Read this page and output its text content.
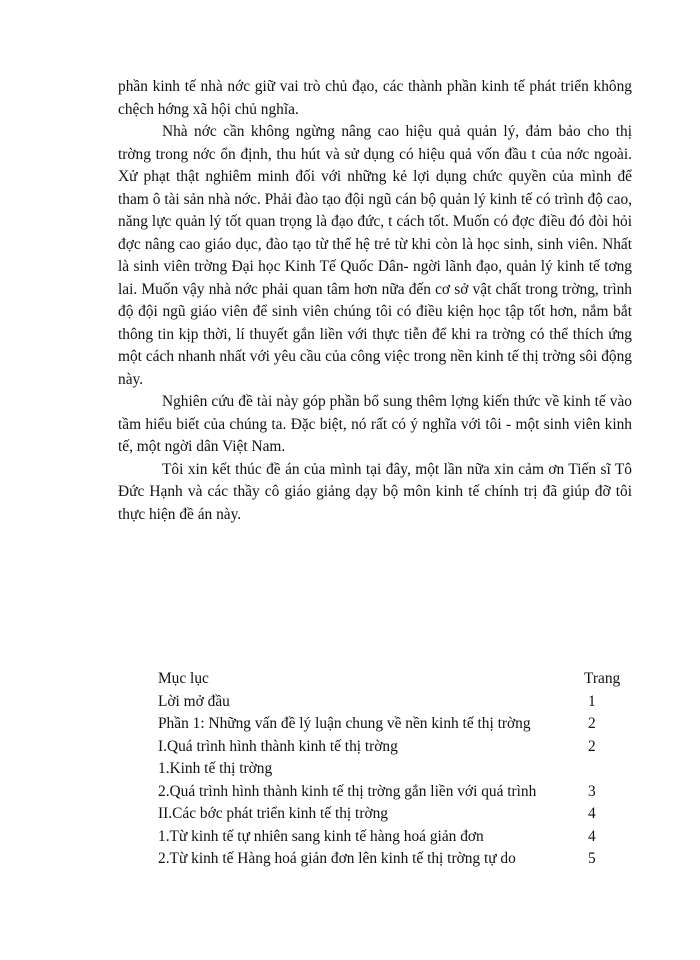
phần kinh tế nhà nớc giữ vai trò chủ đạo, các thành phần kinh tế phát triển không chệch hớng xã hội chủ nghĩa.

Nhà nớc cần không ngừng nâng cao hiệu quả quản lý, đảm bảo cho thị trờng trong nớc ổn định, thu hút và sử dụng có hiệu quả vốn đầu t của nớc ngoài. Xử phạt thật nghiêm minh đối với những kẻ lợi dụng chức quyền của mình để tham ô tài sản nhà nớc. Phải đào tạo đội ngũ cán bộ quản lý kinh tế có trình độ cao, năng lực quản lý tốt quan trọng là đạo đức, t cách tốt. Muốn có đợc điều đó đòi hỏi đợc nâng cao giáo dục, đào tạo từ thế hệ trẻ từ khi còn là học sinh, sinh viên. Nhất là sinh viên trờng Đại học Kinh Tế Quốc Dân- ngời lãnh đạo, quản lý kinh tế tơng lai. Muốn vậy nhà nớc phải quan tâm hơn nữa đến cơ sở vật chất trong trờng, trình độ đội ngũ giáo viên để sinh viên chúng tôi có điều kiện học tập tốt hơn, nắm bắt thông tin kịp thời, lí thuyết gắn liền với thực tiễn để khi ra trờng có thể thích ứng một cách nhanh nhất với yêu cầu của công việc trong nền kinh tế thị trờng sôi động này.

Nghiên cứu đề tài này góp phần bổ sung thêm lợng kiến thức về kinh tế vào tầm hiểu biết của chúng ta. Đặc biệt, nó rất có ý nghĩa với tôi - một sinh viên kinh tế, một ngời dân Việt Nam.

Tôi xin kết thúc đề án của mình tại đây, một lần nữa xin cảm ơn Tiến sĩ Tô Đức Hạnh và các thầy cô giáo giảng dạy bộ môn kinh tế chính trị đã giúp đỡ tôi thực hiện đề án này.

Mục lục	Trang
Lời mở đầu	1
Phần 1: Những vấn đề lý luận chung về nền kinh tế thị trờng	2
I.Quá trình hình thành kinh tế thị trờng	2
1.Kinh tế thị trờng
2.Quá trình hình thành kinh tế thị trờng gắn liền với quá trình	3
II.Các bớc phát triển kinh tế thị trờng	4
1.Từ kinh tế tự nhiên sang kinh tế hàng hoá giản đơn	4
2.Từ kinh tế Hàng hoá giản đơn lên kinh tế thị trờng tự do	5
